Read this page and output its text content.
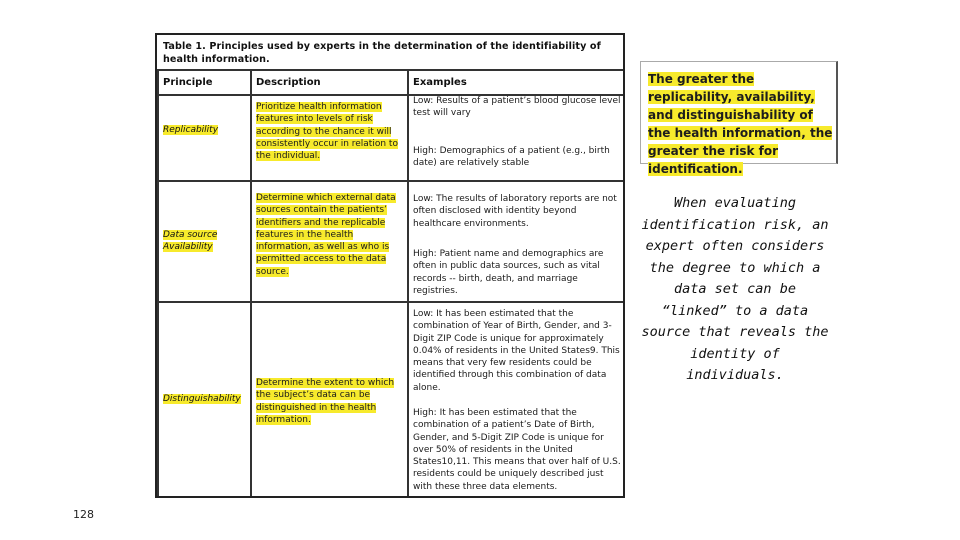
Table 1. Principles used by experts in the determination of the identifiability of health information.
Principle	Description	Examples
Replicability
Prioritize health information features into levels of risk according to the chance it will consistently occur in relation to the individual.
Low: Results of a patient’s blood glucose level test will vary
High: Demographics of a patient (e.g., birth date) are relatively stable
Data source Availability
Determine which external data sources contain the patients’ identifiers and the replicable features in the health information, as well as who is permitted access to the data source.
Low: The results of laboratory reports are not often disclosed with identity beyond healthcare environments.
High: Patient name and demographics are often in public data sources, such as vital records -- birth, death, and marriage registries.
Distinguishability
Determine the extent to which the subject’s data can be distinguished in the health information.
Low: It has been estimated that the combination of Year of Birth, Gender, and 3-Digit ZIP Code is unique for approximately 0.04% of residents in the United States9. This means that very few residents could be identified through this combination of data alone.
High: It has been estimated that the combination of a patient’s Date of Birth, Gender, and 5-Digit ZIP Code is unique for over 50% of residents in the United States10,11. This means that over half of U.S. residents could be uniquely described just with these three data elements.
The greater the replicability, availability, and distinguishability of the health information, the greater the risk for identification.
When evaluating identification risk, an expert often considers the degree to which a data set can be “linked” to a data source that reveals the identity of individuals.
128
